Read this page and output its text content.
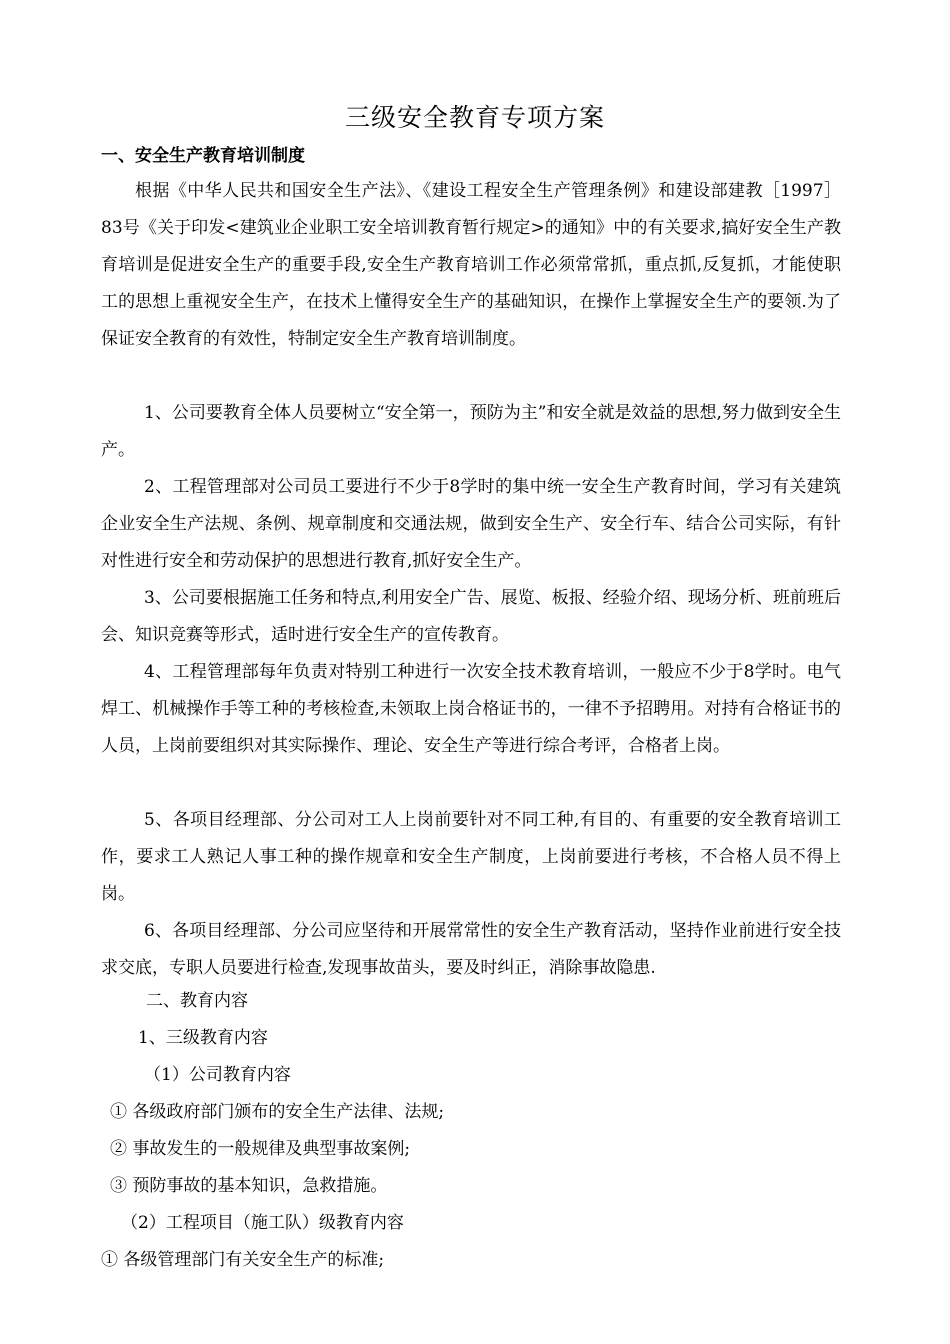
三级安全教育专项方案
一、安全生产教育培训制度
根据《中华人民共和国安全生产法》、《建设工程安全生产管理条例》和建设部建教［1997］83号《关于印发<建筑业企业职工安全培训教育暂行规定>的通知》中的有关要求,搞好安全生产教育培训是促进安全生产的重要手段,安全生产教育培训工作必须常常抓，重点抓,反复抓，才能使职工的思想上重视安全生产，在技术上懂得安全生产的基础知识，在操作上掌握安全生产的要领.为了保证安全教育的有效性，特制定安全生产教育培训制度。
1、公司要教育全体人员要树立“安全第一，预防为主”和安全就是效益的思想,努力做到安全生产。
2、工程管理部对公司员工要进行不少于8学时的集中统一安全生产教育时间，学习有关建筑企业安全生产法规、条例、规章制度和交通法规，做到安全生产、安全行车、结合公司实际，有针对性进行安全和劳动保护的思想进行教育,抓好安全生产。
3、公司要根据施工任务和特点,利用安全广告、展览、板报、经验介绍、现场分析、班前班后会、知识竞赛等形式，适时进行安全生产的宣传教育。
4、工程管理部每年负责对特别工种进行一次安全技术教育培训，一般应不少于8学时。电气焊工、机械操作手等工种的考核检查,未领取上岗合格证书的，一律不予招聘用。对持有合格证书的人员，上岗前要组织对其实际操作、理论、安全生产等进行综合考评，合格者上岗。
5、各项目经理部、分公司对工人上岗前要针对不同工种,有目的、有重要的安全教育培训工作，要求工人熟记人事工种的操作规章和安全生产制度，上岗前要进行考核，不合格人员不得上岗。
6、各项目经理部、分公司应坚待和开展常常性的安全生产教育活动，坚持作业前进行安全技求交底，专职人员要进行检查,发现事故苗头，要及时纠正，消除事故隐患.
二、教育内容
1、三级教育内容
（1）公司教育内容
① 各级政府部门颁布的安全生产法律、法规;
② 事故发生的一般规律及典型事故案例;
③ 预防事故的基本知识，急救措施。
（2）工程项目（施工队）级教育内容
① 各级管理部门有关安全生产的标准;
